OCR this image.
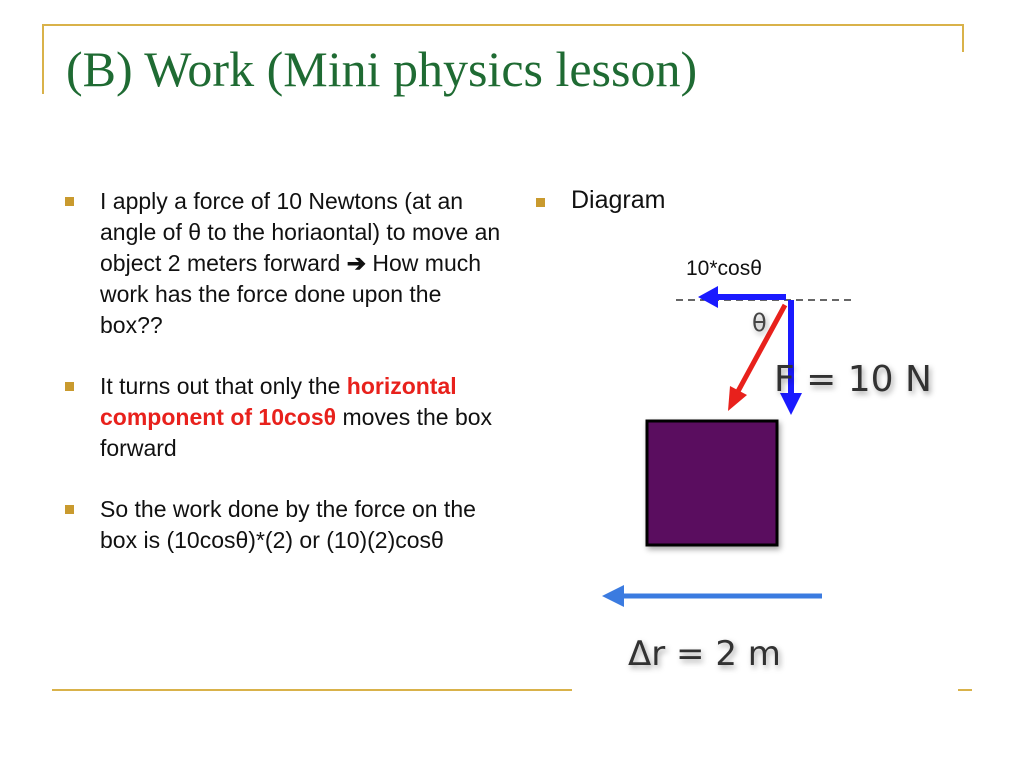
(B) Work (Mini physics lesson)
I apply a force of 10 Newtons (at an angle of θ to the horiaontal) to move an object 2 meters forward ➔ How much work has the force done upon the box??
It turns out that only the horizontal component of 10cosθ moves the box forward
So the work done by the force on the box is (10cosθ)*(2) or (10)(2)cosθ
Diagram
10*cosθ
θ
F = 10 N
Δr = 2 m
